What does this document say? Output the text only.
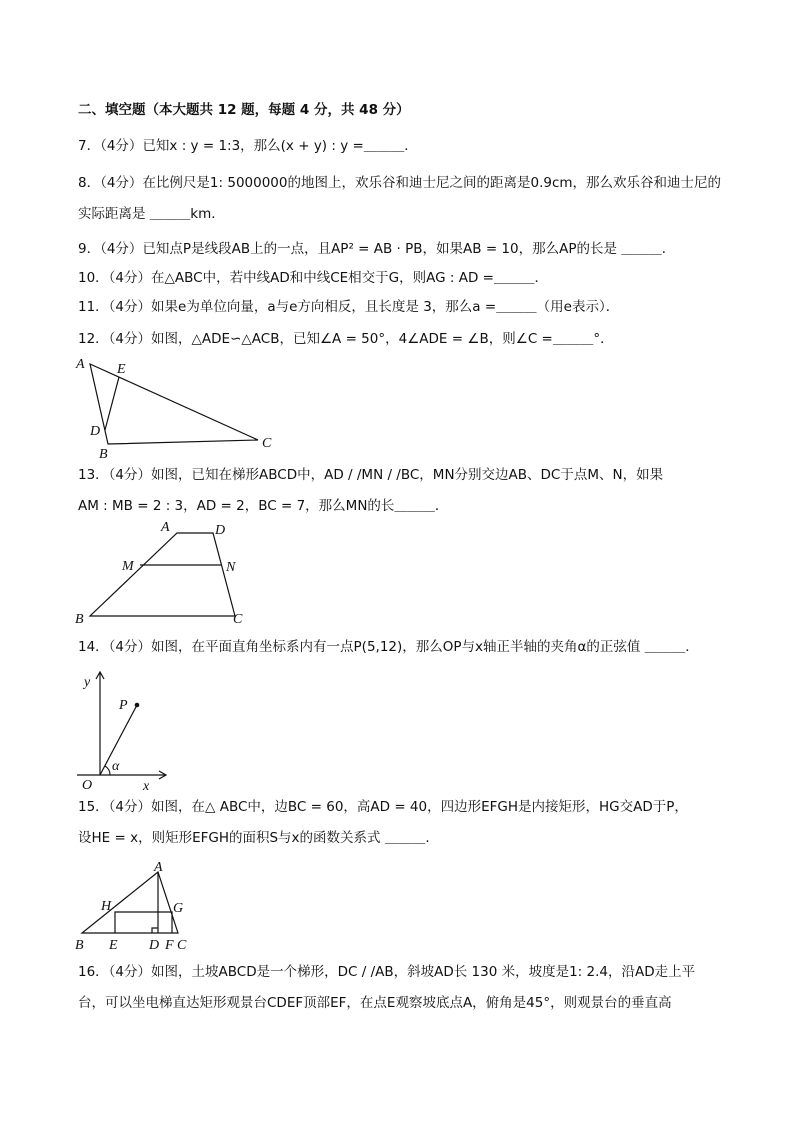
二、填空题（本大题共 12 题，每题 4 分，共 48 分）
7．（4分）已知x : y = 1:3，那么(x + y) : y =＿＿＿．
8．（4分）在比例尺是1: 5000000的地图上，欢乐谷和迪士尼之间的距离是0.9cm，那么欢乐谷和迪士尼的
实际距离是 ＿＿＿km．
9．（4分）已知点P是线段AB上的一点，且AP² = AB · PB，如果AB = 10，那么AP的长是 ＿＿＿．
10．（4分）在△ABC中，若中线AD和中线CE相交于G，则AG : AD =＿＿＿．
11．（4分）如果e为单位向量，a与e方向相反，且长度是 3，那么a =＿＿＿（用e表示）．
12．（4分）如图，△ADE∽△ACB，已知∠A = 50°，4∠ADE = ∠B，则∠C =＿＿＿°．
A E
D
B
C
13．（4分）如图，已知在梯形ABCD中，AD / /MN / /BC，MN分别交边AB、DC于点M、N，如果
AM : MB = 2 : 3，AD = 2，BC = 7，那么MN的长＿＿＿．
A	D
M	N
B	C
14．（4分）如图，在平面直角坐标系内有一点P(5,12)，那么OP与x轴正半轴的夹角α的正弦值 ＿＿＿．
y
P
α
O	x
15．（4分）如图，在△ ABC中，边BC = 60，高AD = 40，四边形EFGH是内接矩形，HG交AD于P，
设HE = x，则矩形EFGH的面积S与x的函数关系式 ＿＿＿．
A
H	G
B E D F C
16．（4分）如图，土坡ABCD是一个梯形，DC / /AB，斜坡AD长 130 米，坡度是1: 2.4，沿AD走上平
台，可以坐电梯直达矩形观景台CDEF顶部EF，在点E观察坡底点A，俯角是45°，则观景台的垂直高
